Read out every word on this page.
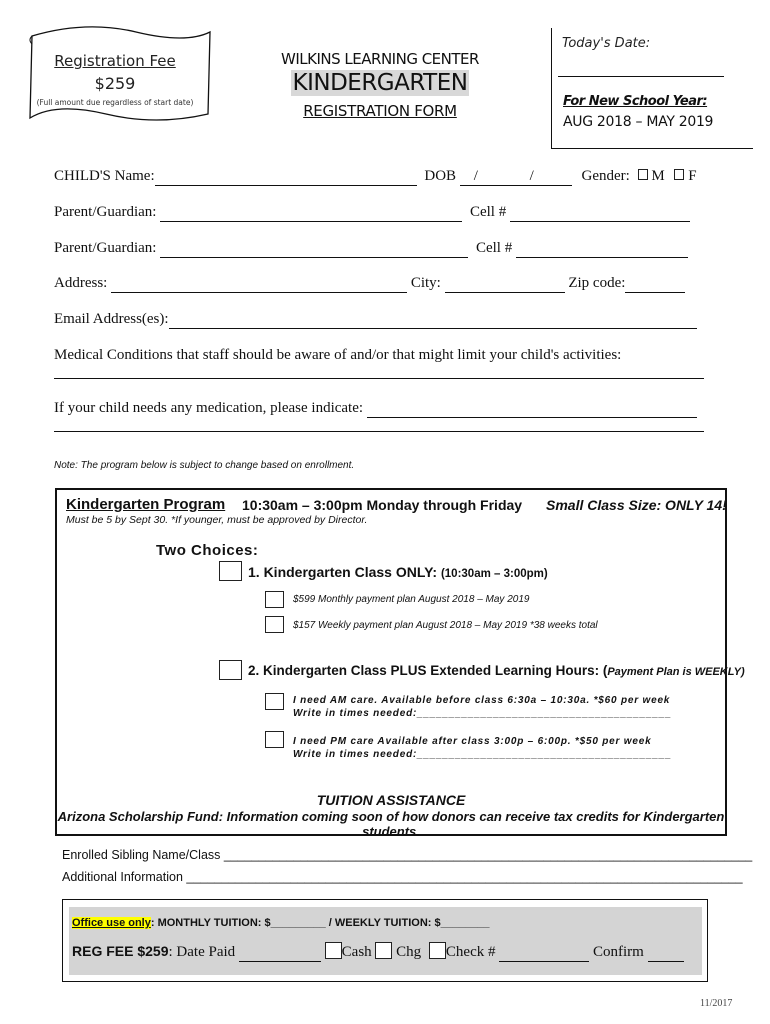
Registration Fee
$259
(Full amount due regardless of start date)
WILKINS LEARNING CENTER
KINDERGARTEN
REGISTRATION FORM
Today's Date:
For New School Year:
AUG 2018 – MAY 2019
CHILD'S Name:	DOB / / Gender: M F
Parent/Guardian:	Cell #
Parent/Guardian:	Cell #
Address:	City:	Zip code:
Email Address(es):
Medical Conditions that staff should be aware of and/or that might limit your child's activities:
If your child needs any medication, please indicate:
Note: The program below is subject to change based on enrollment.
Kindergarten Program 10:30am – 3:00pm Monday through Friday Small Class Size: ONLY 14!
Must be 5 by Sept 30. *If younger, must be approved by Director.
Two Choices:
1. Kindergarten Class ONLY: (10:30am – 3:00pm)
$599 Monthly payment plan August 2018 – May 2019
$157 Weekly payment plan August 2018 – May 2019 *38 weeks total
2. Kindergarten Class PLUS Extended Learning Hours: (Payment Plan is WEEKLY)
I need AM care. Available before class 6:30a – 10:30a. *$60 per week
Write in times needed:________________________________________
I need PM care Available after class 3:00p – 6:00p. *$50 per week
Write in times needed:________________________________________
TUITION ASSISTANCE
Arizona Scholarship Fund: Information coming soon of how donors can receive tax credits for Kindergarten students.
Enrolled Sibling Name/Class ____________________________________________________________________________
Additional Information ________________________________________________________________________________
Office use only: MONTHLY TUITION: $_________ / WEEKLY TUITION: $________
REG FEE $259: Date Paid	Cash Chg Check #	Confirm
11/2017
